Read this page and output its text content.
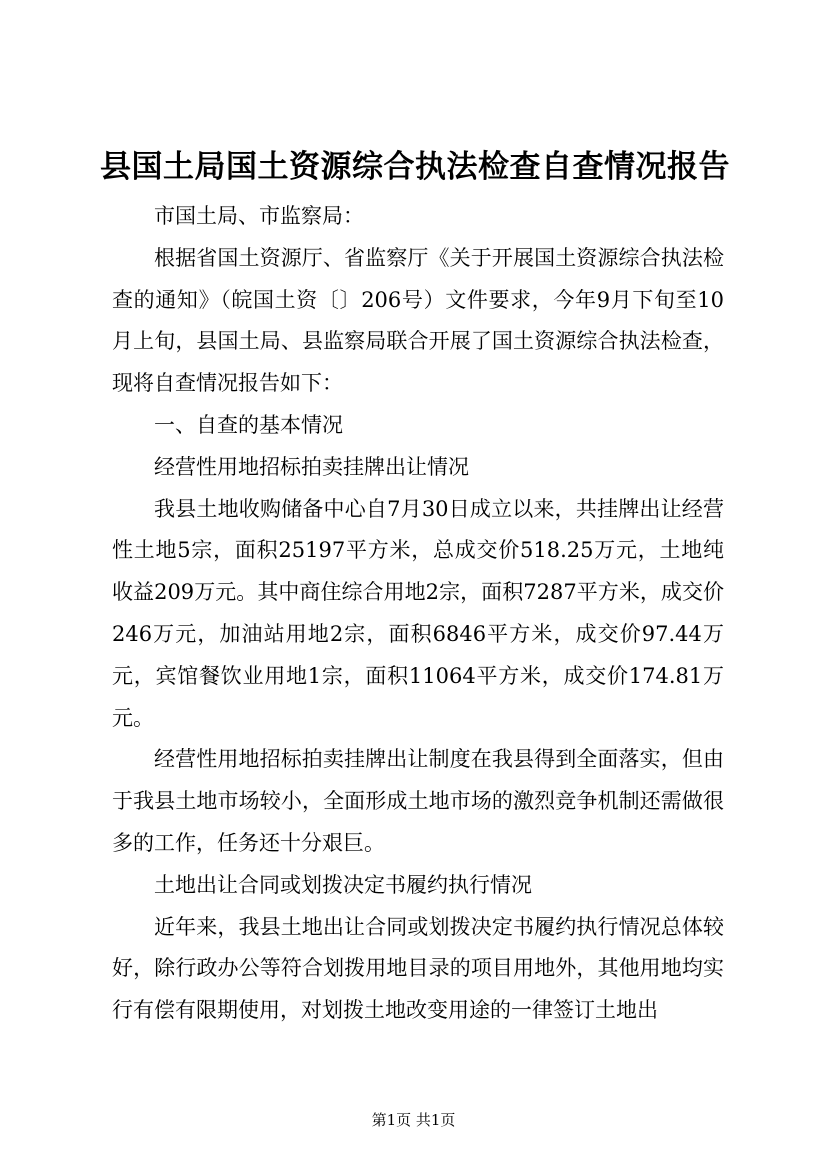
县国土局国土资源综合执法检查自查情况报告

市国土局、市监察局：

根据省国土资源厅、省监察厅《关于开展国土资源综合执法检查的通知》（皖国土资〔〕206号）文件要求，今年9月下旬至10月上旬，县国土局、县监察局联合开展了国土资源综合执法检查，现将自查情况报告如下：

一、自查的基本情况

经营性用地招标拍卖挂牌出让情况

我县土地收购储备中心自7月30日成立以来，共挂牌出让经营性土地5宗，面积25197平方米，总成交价518.25万元，土地纯收益209万元。其中商住综合用地2宗，面积7287平方米，成交价246万元，加油站用地2宗，面积6846平方米，成交价97.44万元，宾馆餐饮业用地1宗，面积11064平方米，成交价174.81万元。

经营性用地招标拍卖挂牌出让制度在我县得到全面落实，但由于我县土地市场较小，全面形成土地市场的激烈竞争机制还需做很多的工作，任务还十分艰巨。

土地出让合同或划拨决定书履约执行情况

近年来，我县土地出让合同或划拨决定书履约执行情况总体较好，除行政办公等符合划拨用地目录的项目用地外，其他用地均实行有偿有限期使用，对划拨土地改变用途的一律签订土地出

第1页 共1页
